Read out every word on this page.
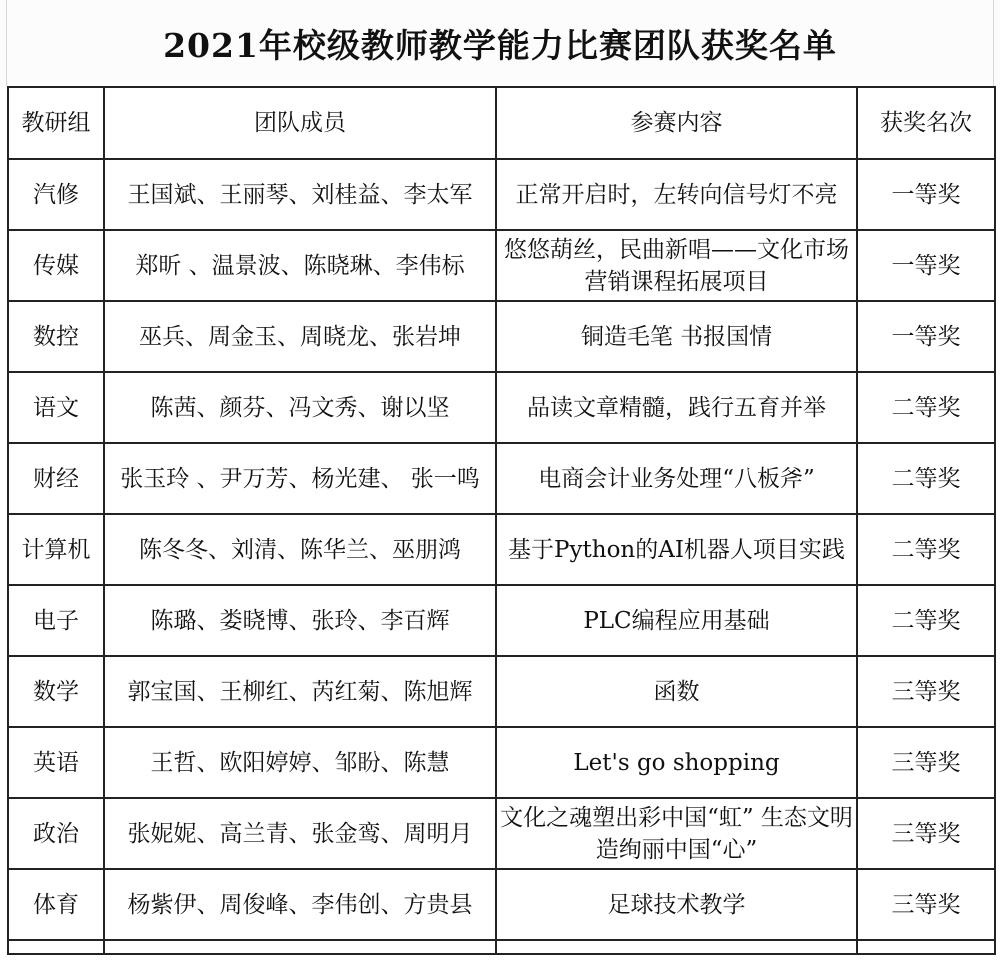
2021年校级教师教学能力比赛团队获奖名单
教研组	团队成员	参赛内容	获奖名次
汽修	王国斌、王丽琴、刘桂益、李太军	正常开启时，左转向信号灯不亮	一等奖
传媒	郑昕 、温景波、陈晓琳、李伟标	悠悠葫丝，民曲新唱——文化市场营销课程拓展项目	一等奖
数控	巫兵、周金玉、周晓龙、张岩坤	铜造毛笔 书报国情	一等奖
语文	陈茜、颜芬、冯文秀、谢以坚	品读文章精髓，践行五育并举	二等奖
财经	张玉玲 、尹万芳、杨光建、 张一鸣	电商会计业务处理“八板斧”	二等奖
计算机	陈冬冬、刘清、陈华兰、巫朋鸿	基于Python的AI机器人项目实践	二等奖
电子	陈璐、娄晓博、张玲、李百辉	PLC编程应用基础	二等奖
数学	郭宝国、王柳红、芮红菊、陈旭辉	函数	三等奖
英语	王哲、欧阳婷婷、邹盼、陈慧	Let's go shopping	三等奖
政治	张妮妮、高兰青、张金鸾、周明月	文化之魂塑出彩中国“虹” 生态文明造绚丽中国“心”	三等奖
体育	杨紫伊、周俊峰、李伟创、方贵县	足球技术教学	三等奖
